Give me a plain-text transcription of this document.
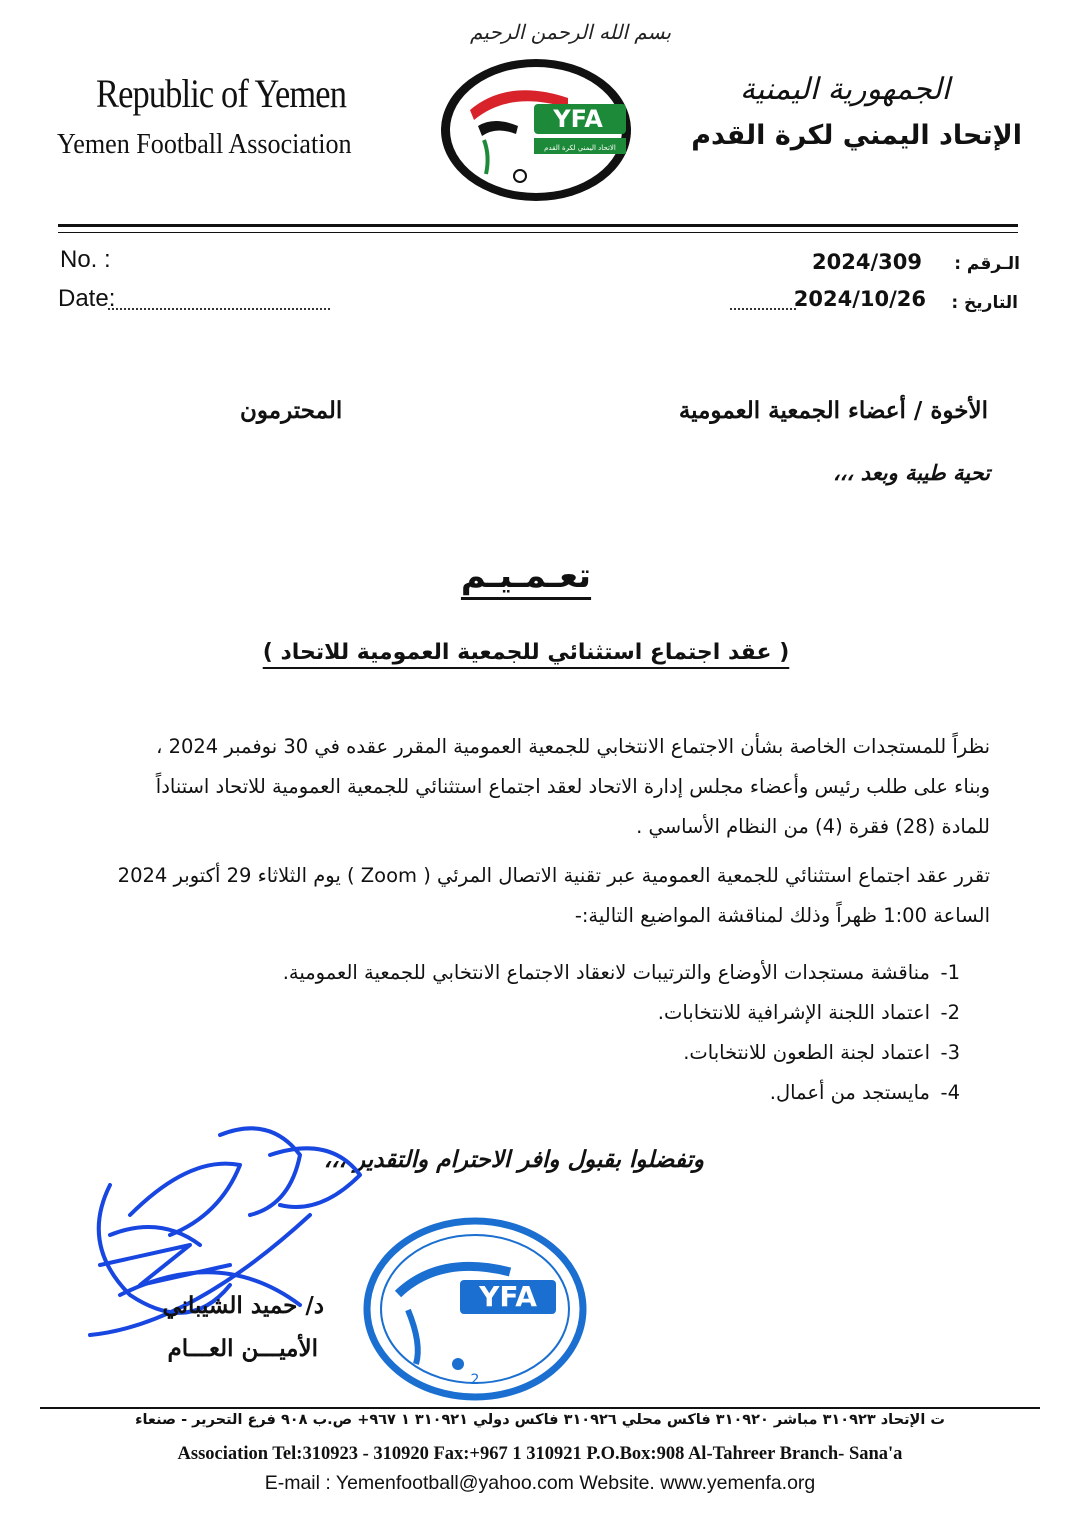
بسم الله الرحمن الرحيم
Republic of Yemen
Yemen Football Association
الجمهورية اليمنية
الإتحاد اليمني لكرة القدم
YFA
الاتحاد اليمني لكرة القدم
No. :
Date:
الـرقم :
2024/309
التاريخ :
2024/10/26
الأخوة / أعضاء الجمعية العمومية
المحترمون
تحية طيبة وبعد ،،،
تعـمـيـم
( عقد اجتماع استثنائي للجمعية العمومية للاتحاد )
نظراً للمستجدات الخاصة بشأن الاجتماع الانتخابي للجمعية العمومية المقرر عقده في 30 نوفمبر 2024 ،
وبناء على طلب رئيس وأعضاء مجلس إدارة الاتحاد لعقد اجتماع استثنائي للجمعية العمومية للاتحاد استناداً
للمادة (28) فقرة (4) من النظام الأساسي .
تقرر عقد اجتماع استثنائي للجمعية العمومية عبر تقنية الاتصال المرئي ( Zoom ) يوم الثلاثاء 29 أكتوبر 2024
الساعة 1:00 ظهراً وذلك لمناقشة المواضيع التالية:-
1-
مناقشة مستجدات الأوضاع والترتيبات لانعقاد الاجتماع الانتخابي للجمعية العمومية.
2-
اعتماد اللجنة الإشرافية للانتخابات.
3-
اعتماد لجنة الطعون للانتخابات.
4-
مايستجد من أعمال.
وتفضلوا بقبول وافر الاحترام والتقدير ،،،
د/ حميد الشيباني
الأميـــن العـــام
YFA
2
ت الإتحاد ٣١٠٩٢٣ مباشر ٣١٠٩٢٠ فاكس محلي ٣١٠٩٢٦ فاكس دولي ٣١٠٩٢١ ١ ٩٦٧+ ص.ب ٩٠٨ فرع التحرير - صنعاء
Association Tel:310923 - 310920 Fax:+967 1 310921 P.O.Box:908 Al-Tahreer Branch- Sana'a
E-mail : Yemenfootball@yahoo.com Website. www.yemenfa.org
